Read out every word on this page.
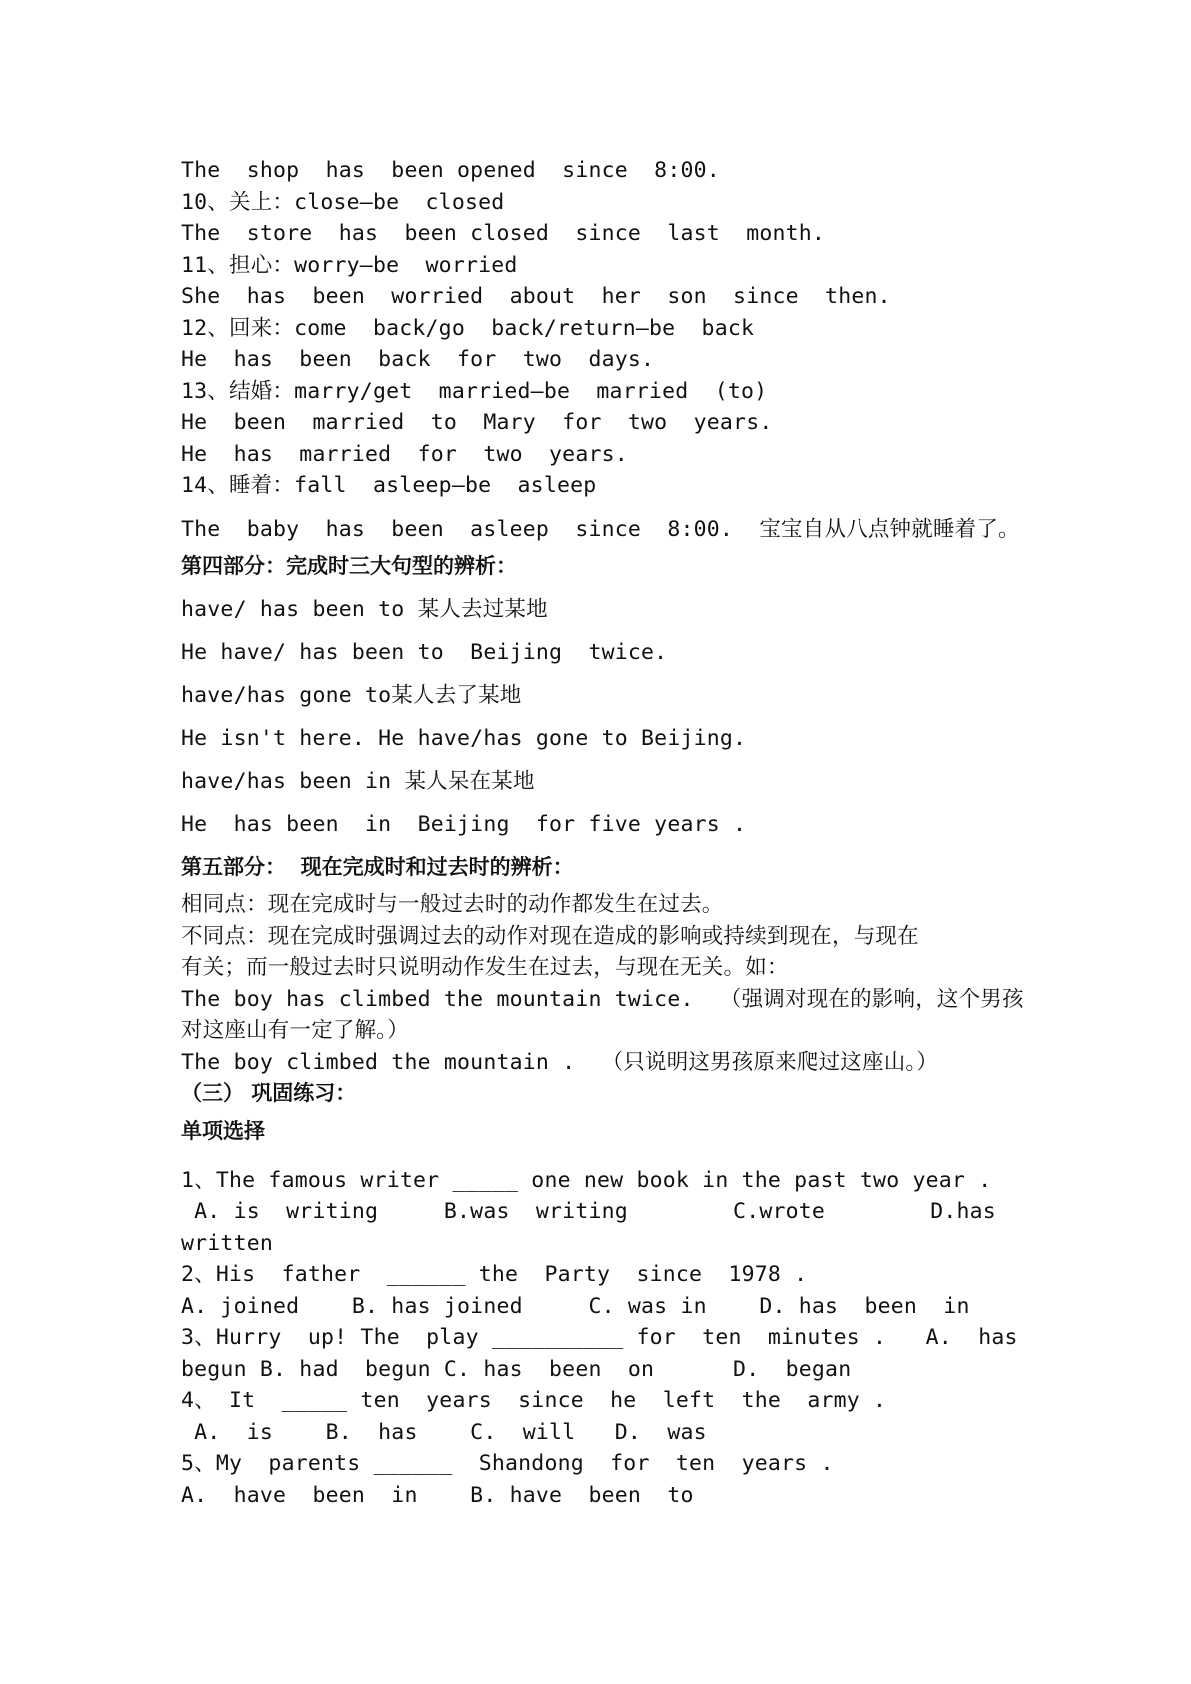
The  shop  has  been opened  since  8:00.
10、关上：close—be  closed
The  store  has  been closed  since  last  month.
11、担心：worry—be  worried
She  has  been  worried  about  her  son  since  then.
12、回来：come  back/go  back/return—be  back
He  has  been  back  for  two  days.
13、结婚：marry/get  married—be  married  (to)
He  been  married  to  Mary  for  two  years.
He  has  married  for  two  years.
14、睡着：fall  asleep—be  asleep
The  baby  has  been  asleep  since  8:00.  宝宝自从八点钟就睡着了。
第四部分：完成时三大句型的辨析：
have/ has been to 某人去过某地
He have/ has been to  Beijing  twice.
have/has gone to某人去了某地
He isn't here. He have/has gone to Beijing.
have/has been in 某人呆在某地
He  has been  in  Beijing  for five years .
第五部分：  现在完成时和过去时的辨析：
相同点：现在完成时与一般过去时的动作都发生在过去。
不同点：现在完成时强调过去的动作对现在造成的影响或持续到现在，与现在
有关；而一般过去时只说明动作发生在过去，与现在无关。如：
The boy has climbed the mountain twice.  （强调对现在的影响，这个男孩
对这座山有一定了解。）
The boy climbed the mountain .  （只说明这男孩原来爬过这座山。）
（三） 巩固练习：
单项选择
1、The famous writer _____ one new book in the past two year .
A. is  writing     B.was  writing        C.wrote        D.has
written
2、His  father  ______ the  Party  since  1978 .
A. joined    B. has joined     C. was in    D. has  been  in
3、Hurry  up! The  play __________ for  ten  minutes .   A.  has
begun B. had  begun C. has  been  on      D.  began
4、 It  _____ ten  years  since  he  left  the  army .
A.  is    B.  has    C.  will   D.  was
5、My  parents ______  Shandong  for  ten  years .
A.  have  been  in    B. have  been  to
